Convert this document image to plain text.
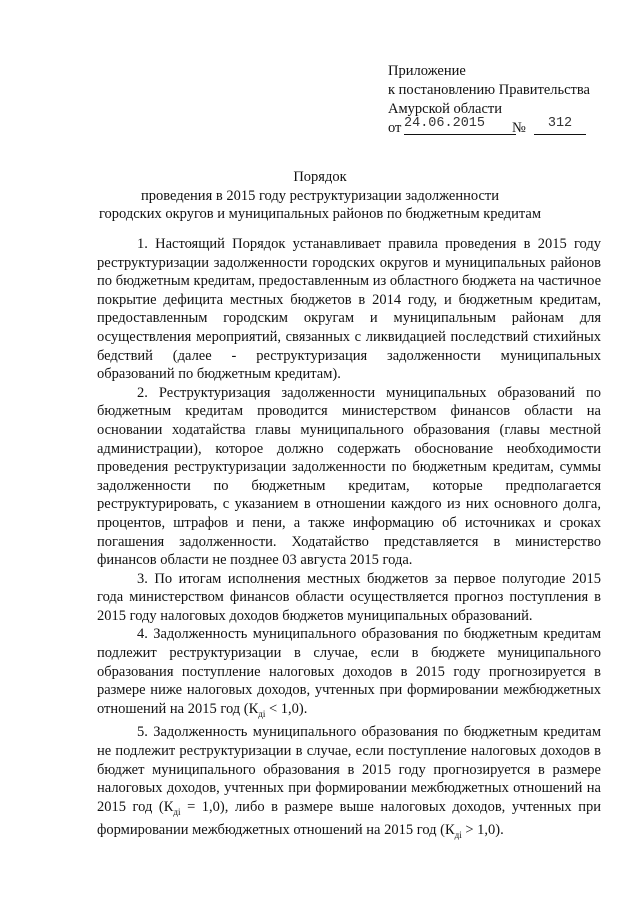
Приложение
к постановлению Правительства
Амурской области
от 24.06.2015	№	312
Порядок
проведения в 2015 году реструктуризации задолженности
городских округов и муниципальных районов по бюджетным кредитам

1. Настоящий Порядок устанавливает правила проведения в 2015 году реструктуризации задолженности городских округов и муниципальных районов по бюджетным кредитам, предоставленным из областного бюджета на частичное покрытие дефицита местных бюджетов в 2014 году, и бюджетным кредитам, предоставленным городским округам и муниципальным районам для осуществления мероприятий, связанных с ликвидацией последствий стихийных бедствий (далее - реструктуризация задолженности муниципальных образований по бюджетным кредитам).

2. Реструктуризация задолженности муниципальных образований по бюджетным кредитам проводится министерством финансов области на основании ходатайства главы муниципального образования (главы местной администрации), которое должно содержать обоснование необходимости проведения реструктуризации задолженности по бюджетным кредитам, суммы задолженности по бюджетным кредитам, которые предполагается реструктурировать, с указанием в отношении каждого из них основного долга, процентов, штрафов и пени, а также информацию об источниках и сроках погашения задолженности. Ходатайство представляется в министерство финансов области не позднее 03 августа 2015 года.

3. По итогам исполнения местных бюджетов за первое полугодие 2015 года министерством финансов области осуществляется прогноз поступления в 2015 году налоговых доходов бюджетов муниципальных образований.

4. Задолженность муниципального образования по бюджетным кредитам подлежит реструктуризации в случае, если в бюджете муниципального образования поступление налоговых доходов в 2015 году прогнозируется в размере ниже налоговых доходов, учтенных при формировании межбюджетных отношений на 2015 год $(К_{дi} < 1,0)$.

5. Задолженность муниципального образования по бюджетным кредитам не подлежит реструктуризации в случае, если поступление налоговых доходов в бюджет муниципального образования в 2015 году прогнозируется в размере налоговых доходов, учтенных при формировании межбюджетных отношений на 2015 год $(К_{дi} = 1,0)$, либо в размере выше налоговых доходов, учтенных при формировании межбюджетных отношений на 2015 год $(К_{дi} > 1,0)$.
